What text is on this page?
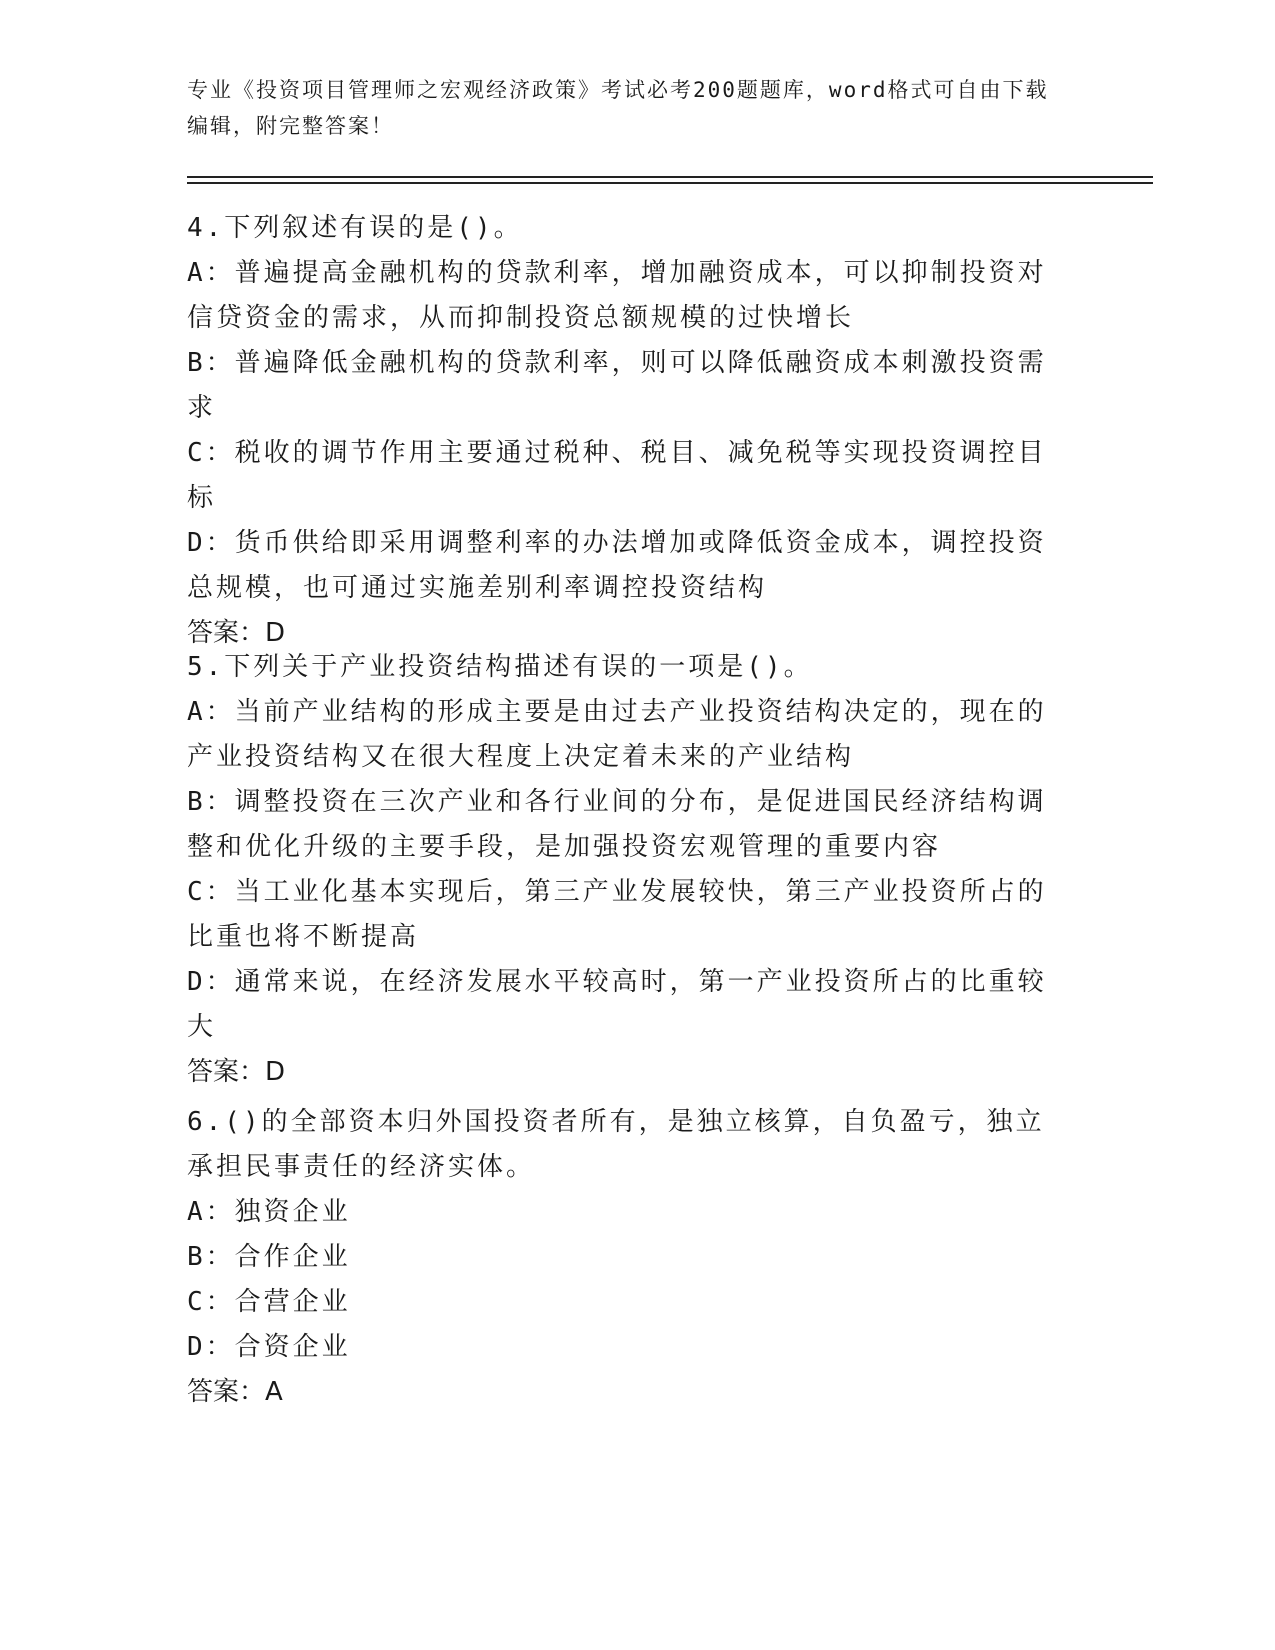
专业《投资项目管理师之宏观经济政策》考试必考200题题库，word格式可自由下载编辑，附完整答案！

4.下列叙述有误的是()。

A：普遍提高金融机构的贷款利率，增加融资成本，可以抑制投资对信贷资金的需求，从而抑制投资总额规模的过快增长

B：普遍降低金融机构的贷款利率，则可以降低融资成本刺激投资需求

C：税收的调节作用主要通过税种、税目、减免税等实现投资调控目标

D：货币供给即采用调整利率的办法增加或降低资金成本，调控投资总规模，也可通过实施差别利率调控投资结构

答案：D

5.下列关于产业投资结构描述有误的一项是()。

A：当前产业结构的形成主要是由过去产业投资结构决定的，现在的产业投资结构又在很大程度上决定着未来的产业结构

B：调整投资在三次产业和各行业间的分布，是促进国民经济结构调整和优化升级的主要手段，是加强投资宏观管理的重要内容

C：当工业化基本实现后，第三产业发展较快，第三产业投资所占的比重也将不断提高

D：通常来说，在经济发展水平较高时，第一产业投资所占的比重较大

答案：D

6.()的全部资本归外国投资者所有，是独立核算，自负盈亏，独立承担民事责任的经济实体。

A：独资企业

B：合作企业

C：合营企业

D：合资企业

答案：A
